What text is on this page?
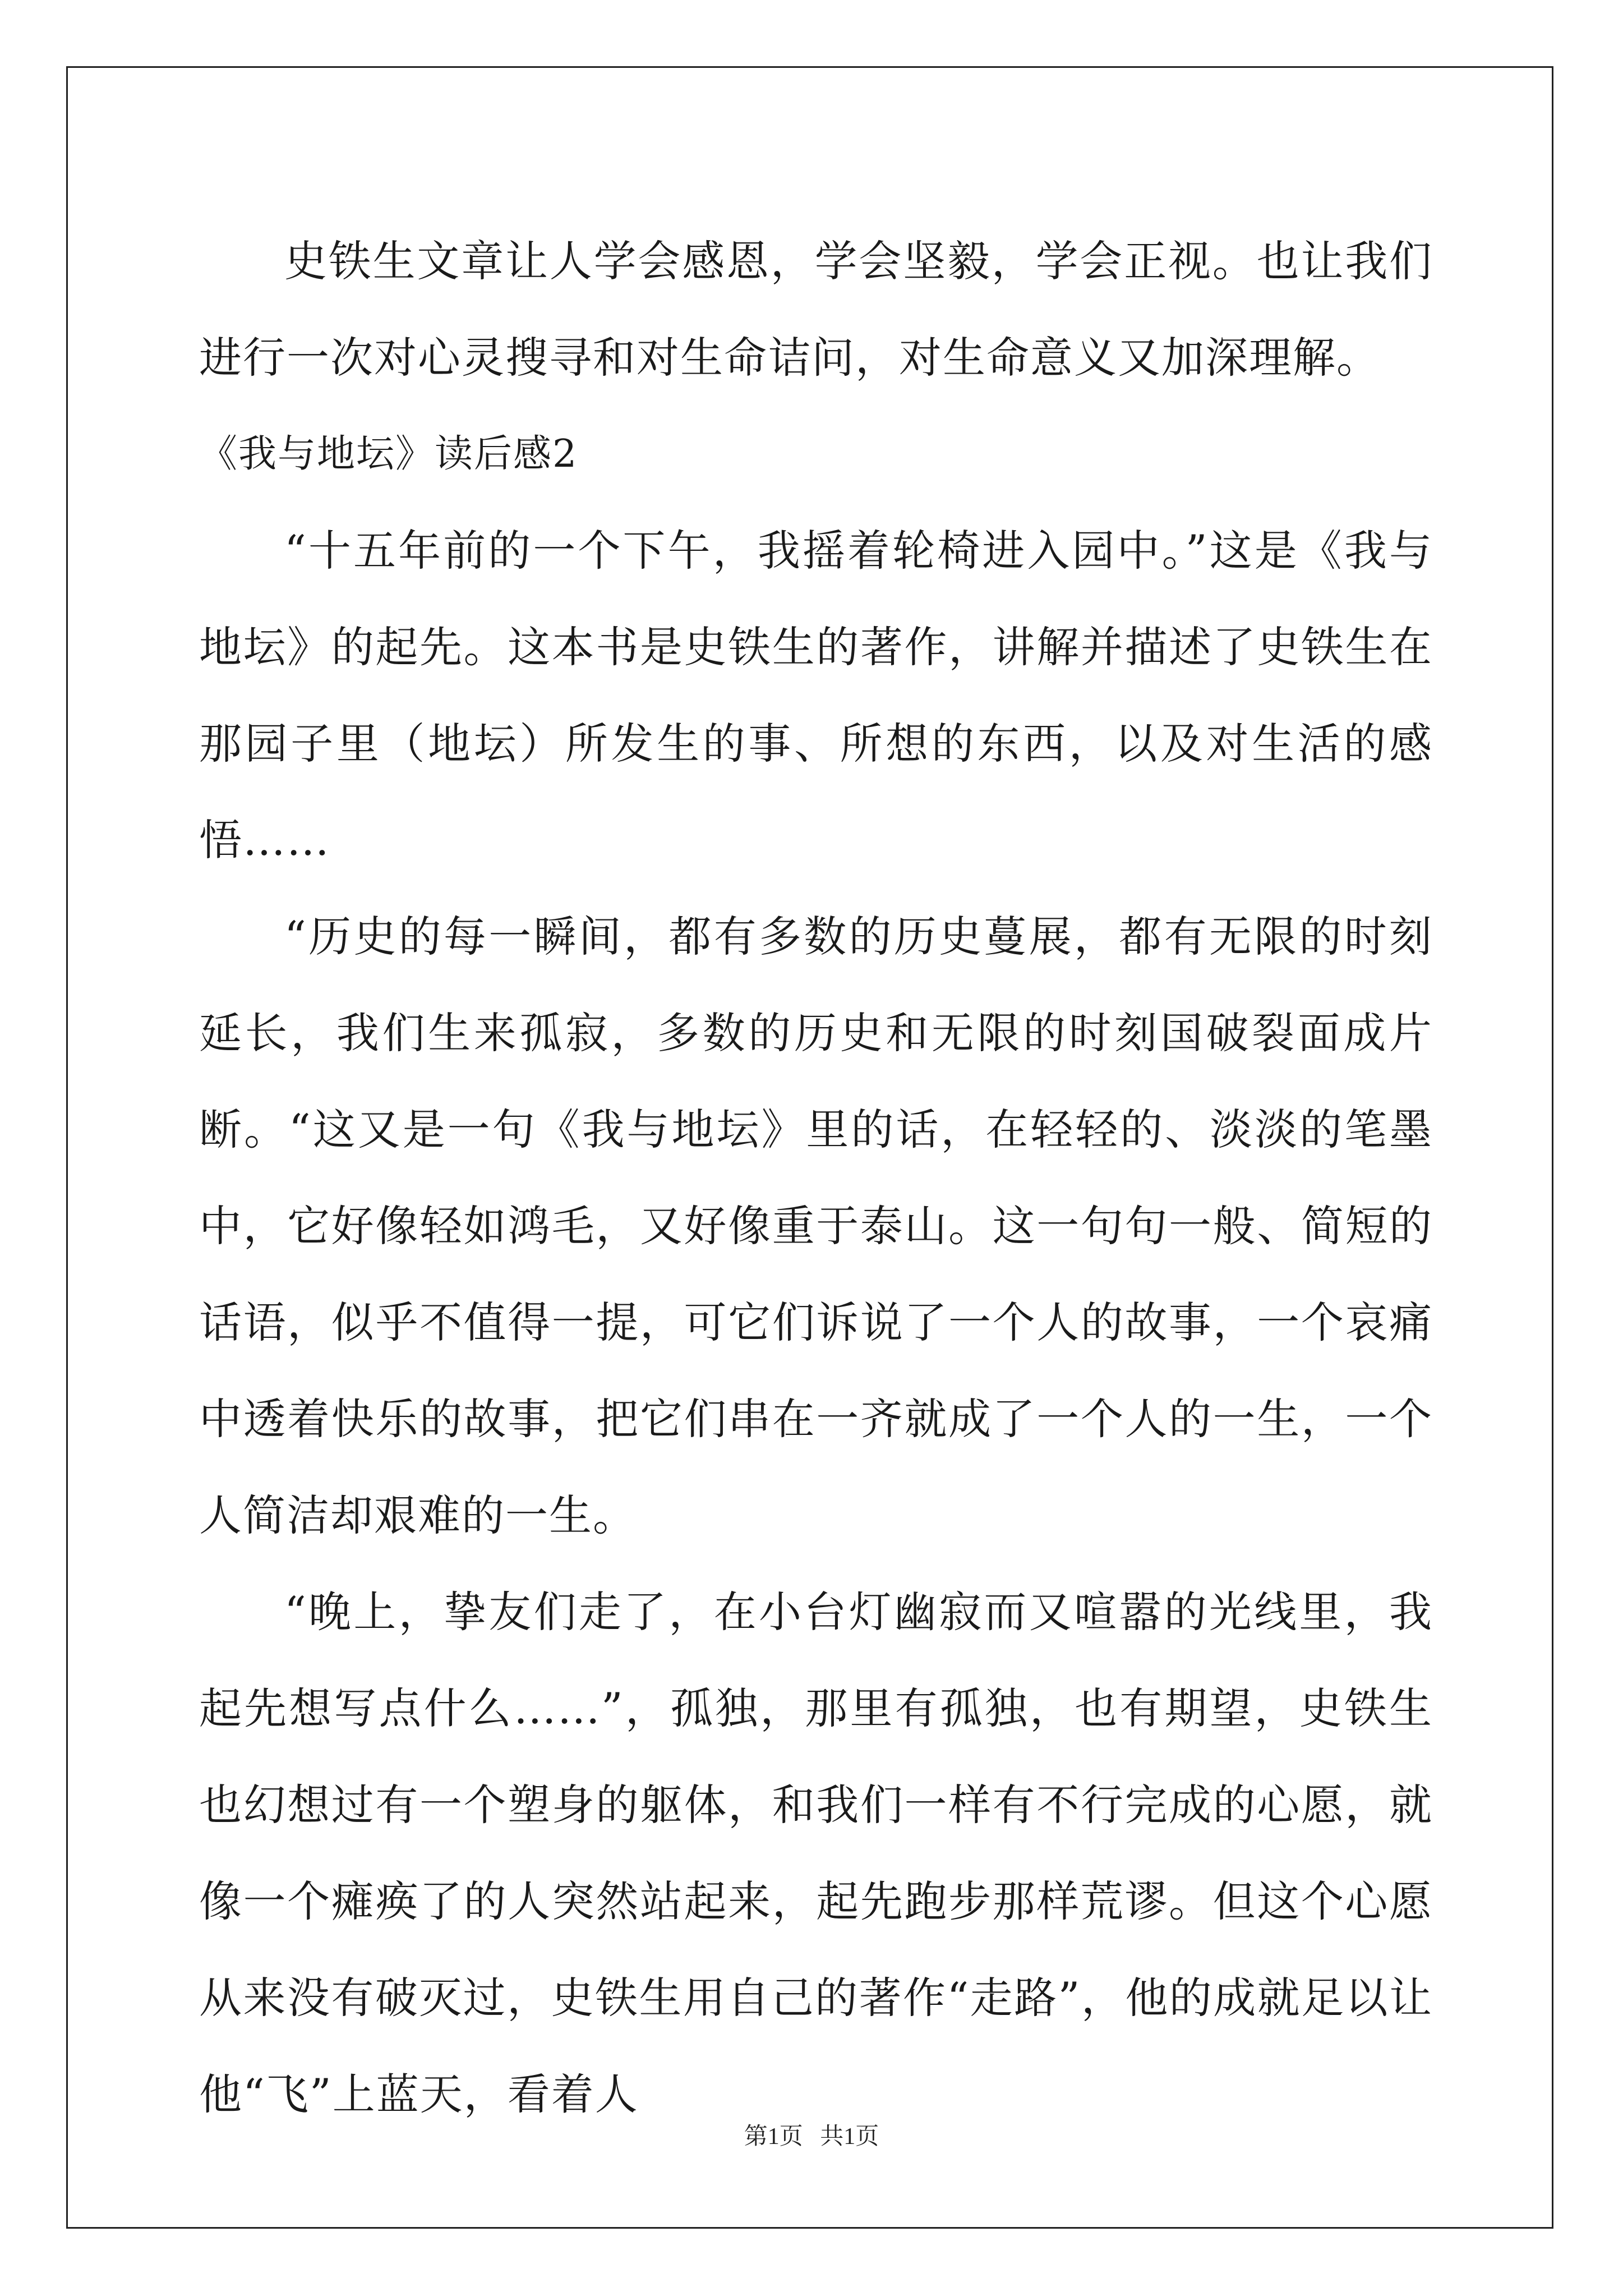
史铁生文章让人学会感恩，学会坚毅，学会正视。也让我们进行一次对心灵搜寻和对生命诘问，对生命意义又加深理解。

《我与地坛》读后感2

“十五年前的一个下午，我摇着轮椅进入园中。”这是《我与地坛》的起先。这本书是史铁生的著作，讲解并描述了史铁生在那园子里（地坛）所发生的事、所想的东西，以及对生活的感悟……

“历史的每一瞬间，都有多数的历史蔓展，都有无限的时刻延长，我们生来孤寂，多数的历史和无限的时刻国破裂面成片断。“这又是一句《我与地坛》里的话，在轻轻的、淡淡的笔墨中，它好像轻如鸿毛，又好像重于泰山。这一句句一般、简短的话语，似乎不值得一提，可它们诉说了一个人的故事，一个哀痛中透着快乐的故事，把它们串在一齐就成了一个人的一生，一个人简洁却艰难的一生。

“晚上，挚友们走了，在小台灯幽寂而又喧嚣的光线里，我起先想写点什么……”，孤独，那里有孤独，也有期望，史铁生也幻想过有一个塑身的躯体，和我们一样有不行完成的心愿，就像一个瘫痪了的人突然站起来，起先跑步那样荒谬。但这个心愿从来没有破灭过，史铁生用自己的著作“走路”，他的成就足以让他“飞”上蓝天，看着人

第1页 共1页
